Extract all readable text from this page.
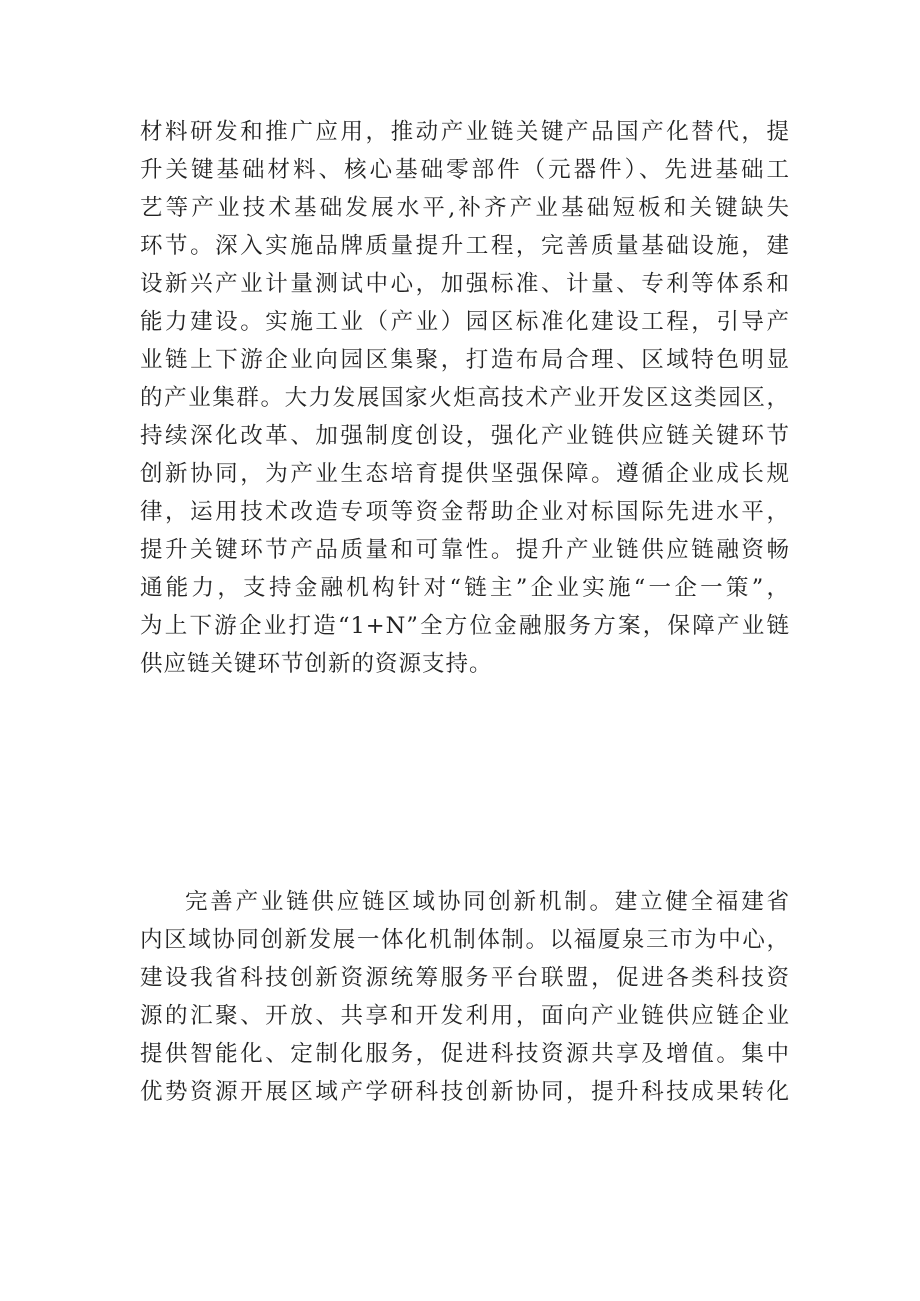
材料研发和推广应用，推动产业链关键产品国产化替代，提
升关键基础材料、核心基础零部件（元器件）、先进基础工
艺等产业技术基础发展水平,补齐产业基础短板和关键缺失
环节。深入实施品牌质量提升工程，完善质量基础设施，建
设新兴产业计量测试中心，加强标准、计量、专利等体系和
能力建设。实施工业（产业）园区标准化建设工程，引导产
业链上下游企业向园区集聚，打造布局合理、区域特色明显
的产业集群。大力发展国家火炬高技术产业开发区这类园区，
持续深化改革、加强制度创设，强化产业链供应链关键环节
创新协同，为产业生态培育提供坚强保障。遵循企业成长规
律，运用技术改造专项等资金帮助企业对标国际先进水平，
提升关键环节产品质量和可靠性。提升产业链供应链融资畅
通能力，支持金融机构针对“链主”企业实施“一企一策”，
为上下游企业打造“1+N”全方位金融服务方案，保障产业链
供应链关键环节创新的资源支持。
完善产业链供应链区域协同创新机制。建立健全福建省
内区域协同创新发展一体化机制体制。以福厦泉三市为中心，
建设我省科技创新资源统筹服务平台联盟，促进各类科技资
源的汇聚、开放、共享和开发利用，面向产业链供应链企业
提供智能化、定制化服务，促进科技资源共享及增值。集中
优势资源开展区域产学研科技创新协同，提升科技成果转化
